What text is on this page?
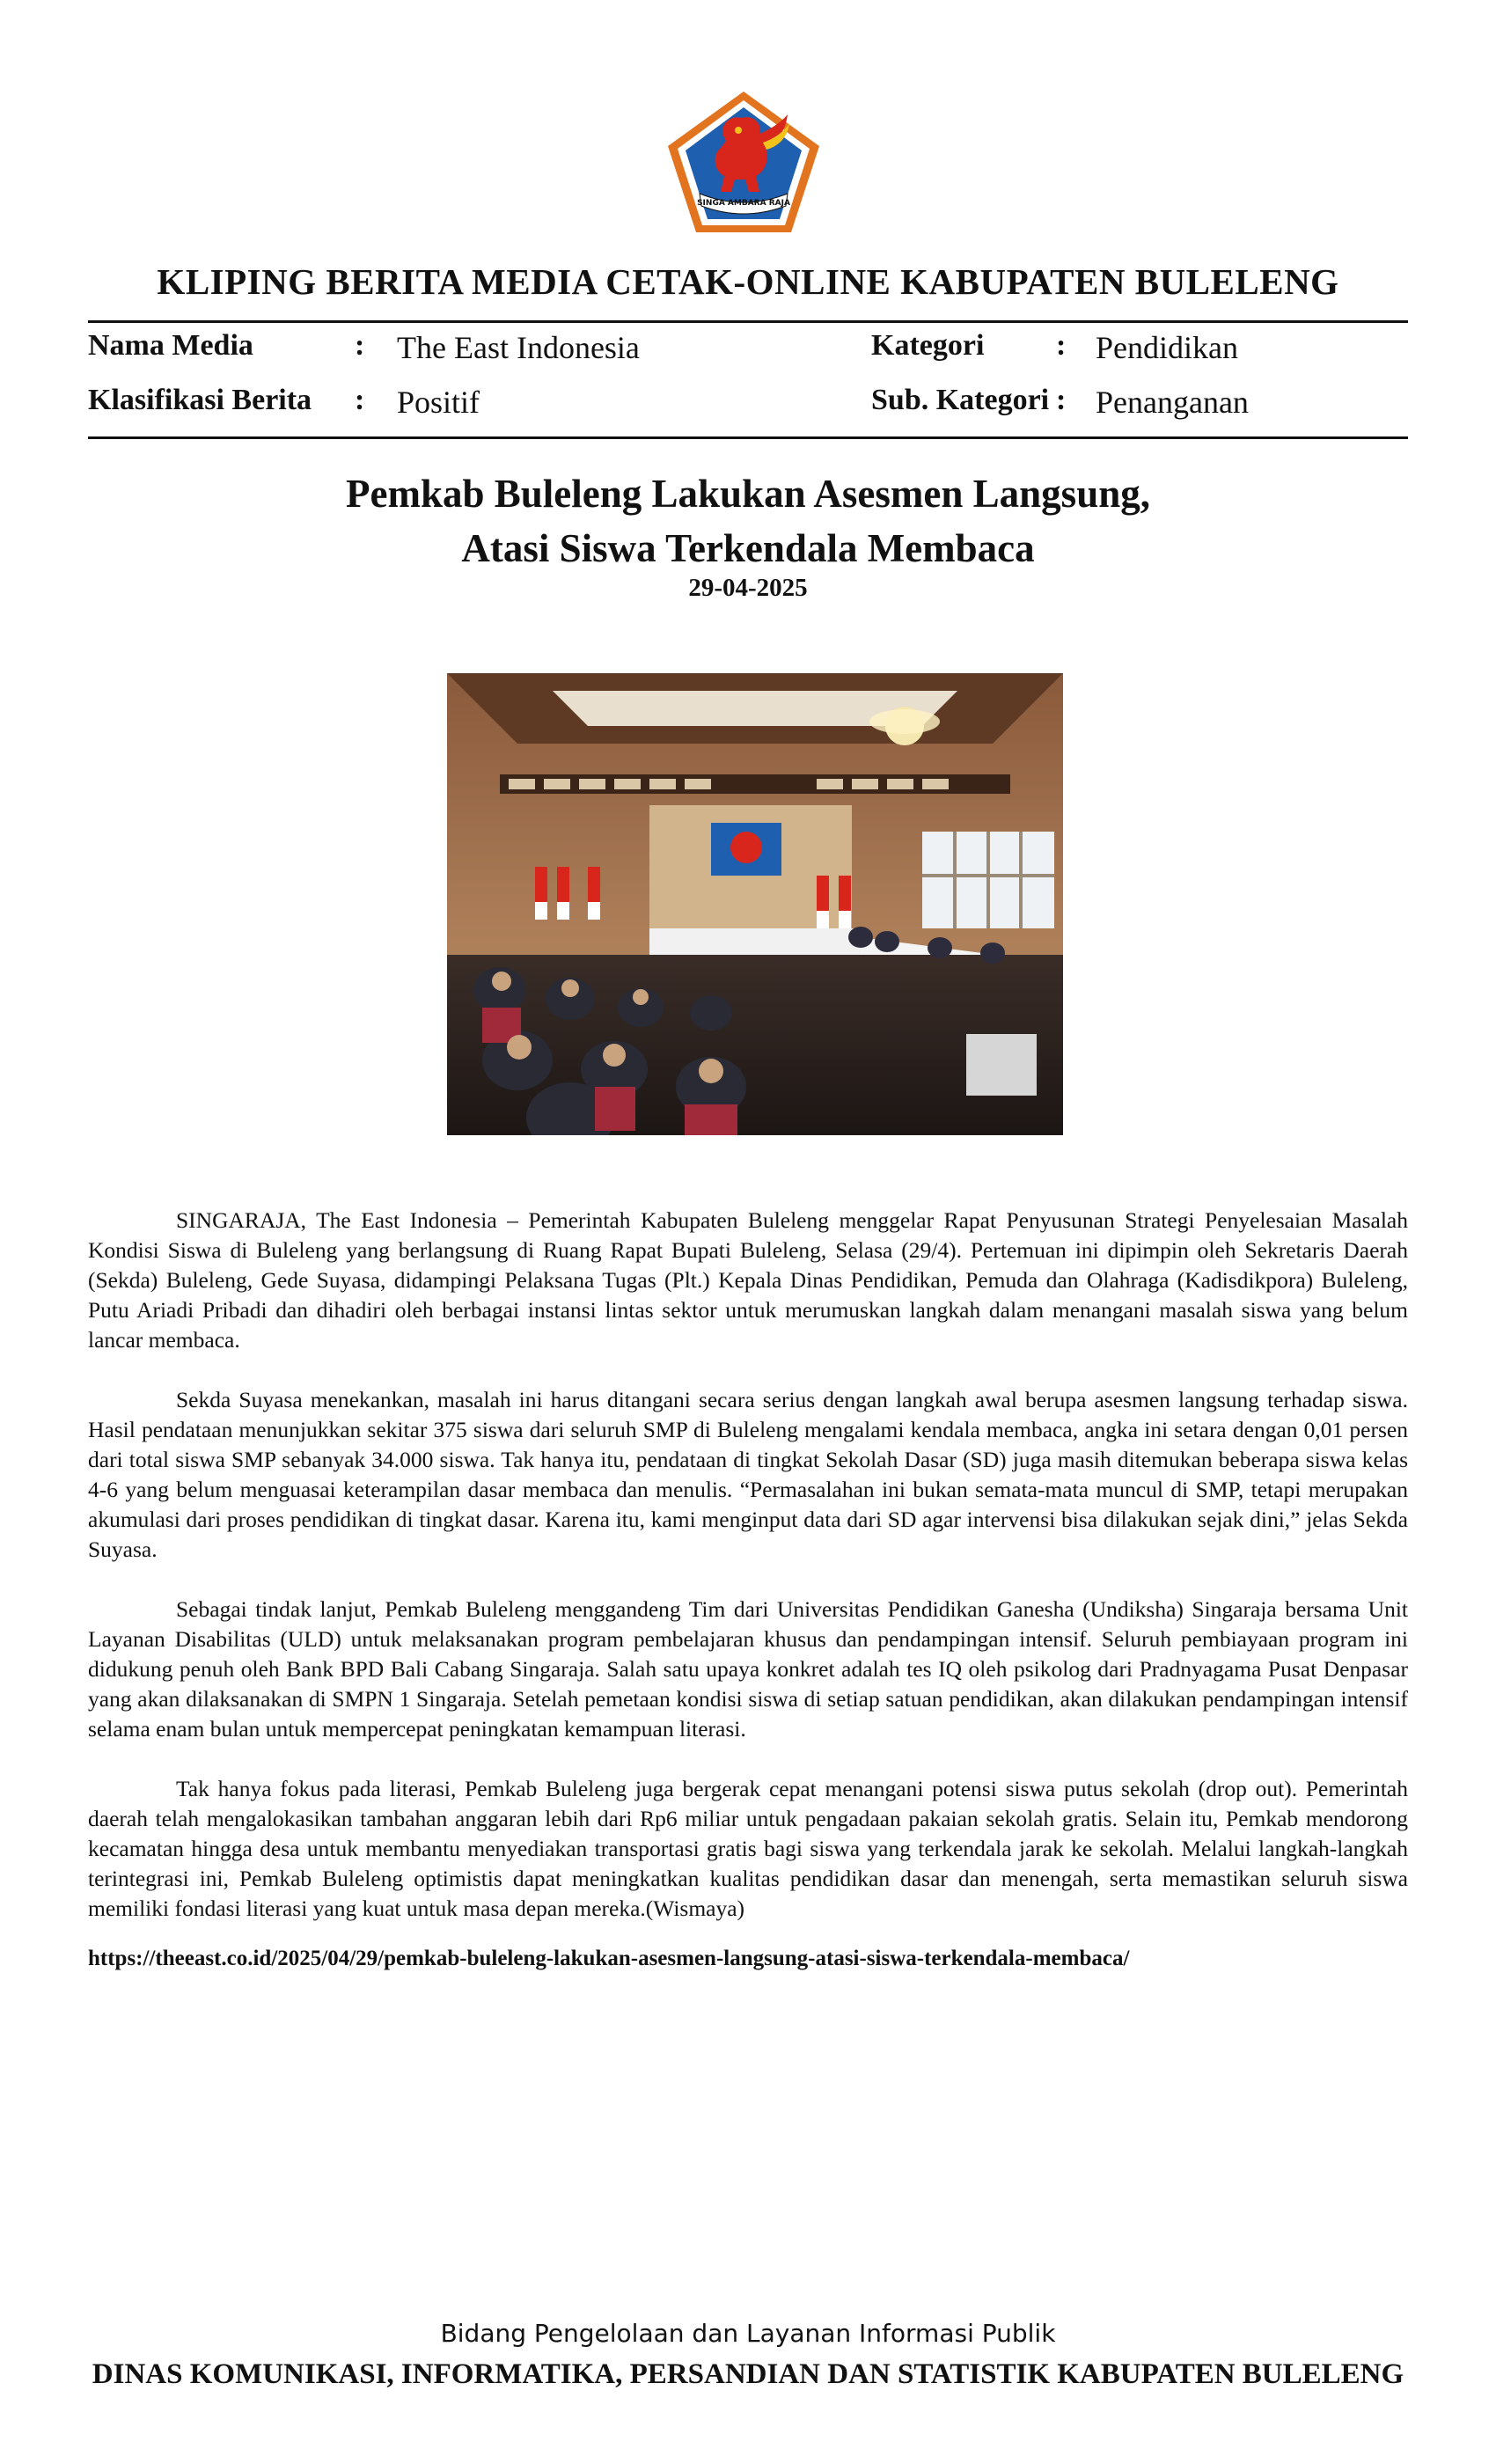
SINGA AMBARA RAJA
KLIPING BERITA MEDIA CETAK-ONLINE KABUPATEN BULELENG
Nama Media	: The East Indonesia	Kategori : Pendidikan
Klasifikasi Berita : Positif	Sub. Kategori : Penanganan
Pemkab Buleleng Lakukan Asesmen Langsung,
Atasi Siswa Terkendala Membaca
29-04-2025

SINGARAJA, The East Indonesia – Pemerintah Kabupaten Buleleng menggelar Rapat Penyusunan Strategi Penyelesaian Masalah Kondisi Siswa di Buleleng yang berlangsung di Ruang Rapat Bupati Buleleng, Selasa (29/4). Pertemuan ini dipimpin oleh Sekretaris Daerah (Sekda) Buleleng, Gede Suyasa, didampingi Pelaksana Tugas (Plt.) Kepala Dinas Pendidikan, Pemuda dan Olahraga (Kadisdikpora) Buleleng, Putu Ariadi Pribadi dan dihadiri oleh berbagai instansi lintas sektor untuk merumuskan langkah dalam menangani masalah siswa yang belum lancar membaca.

Sekda Suyasa menekankan, masalah ini harus ditangani secara serius dengan langkah awal berupa asesmen langsung terhadap siswa. Hasil pendataan menunjukkan sekitar 375 siswa dari seluruh SMP di Buleleng mengalami kendala membaca, angka ini setara dengan 0,01 persen dari total siswa SMP sebanyak 34.000 siswa. Tak hanya itu, pendataan di tingkat Sekolah Dasar (SD) juga masih ditemukan beberapa siswa kelas 4-6 yang belum menguasai keterampilan dasar membaca dan menulis. “Permasalahan ini bukan semata-mata muncul di SMP, tetapi merupakan akumulasi dari proses pendidikan di tingkat dasar. Karena itu, kami menginput data dari SD agar intervensi bisa dilakukan sejak dini,” jelas Sekda Suyasa.

Sebagai tindak lanjut, Pemkab Buleleng menggandeng Tim dari Universitas Pendidikan Ganesha (Undiksha) Singaraja bersama Unit Layanan Disabilitas (ULD) untuk melaksanakan program pembelajaran khusus dan pendampingan intensif. Seluruh pembiayaan program ini didukung penuh oleh Bank BPD Bali Cabang Singaraja. Salah satu upaya konkret adalah tes IQ oleh psikolog dari Pradnyagama Pusat Denpasar yang akan dilaksanakan di SMPN 1 Singaraja. Setelah pemetaan kondisi siswa di setiap satuan pendidikan, akan dilakukan pendampingan intensif selama enam bulan untuk mempercepat peningkatan kemampuan literasi.

Tak hanya fokus pada literasi, Pemkab Buleleng juga bergerak cepat menangani potensi siswa putus sekolah (drop out). Pemerintah daerah telah mengalokasikan tambahan anggaran lebih dari Rp6 miliar untuk pengadaan pakaian sekolah gratis. Selain itu, Pemkab mendorong kecamatan hingga desa untuk membantu menyediakan transportasi gratis bagi siswa yang terkendala jarak ke sekolah. Melalui langkah-langkah terintegrasi ini, Pemkab Buleleng optimistis dapat meningkatkan kualitas pendidikan dasar dan menengah, serta memastikan seluruh siswa memiliki fondasi literasi yang kuat untuk masa depan mereka.(Wismaya)

https://theeast.co.id/2025/04/29/pemkab-buleleng-lakukan-asesmen-langsung-atasi-siswa-terkendala-membaca/
Bidang Pengelolaan dan Layanan Informasi Publik
DINAS KOMUNIKASI, INFORMATIKA, PERSANDIAN DAN STATISTIK KABUPATEN BULELENG
